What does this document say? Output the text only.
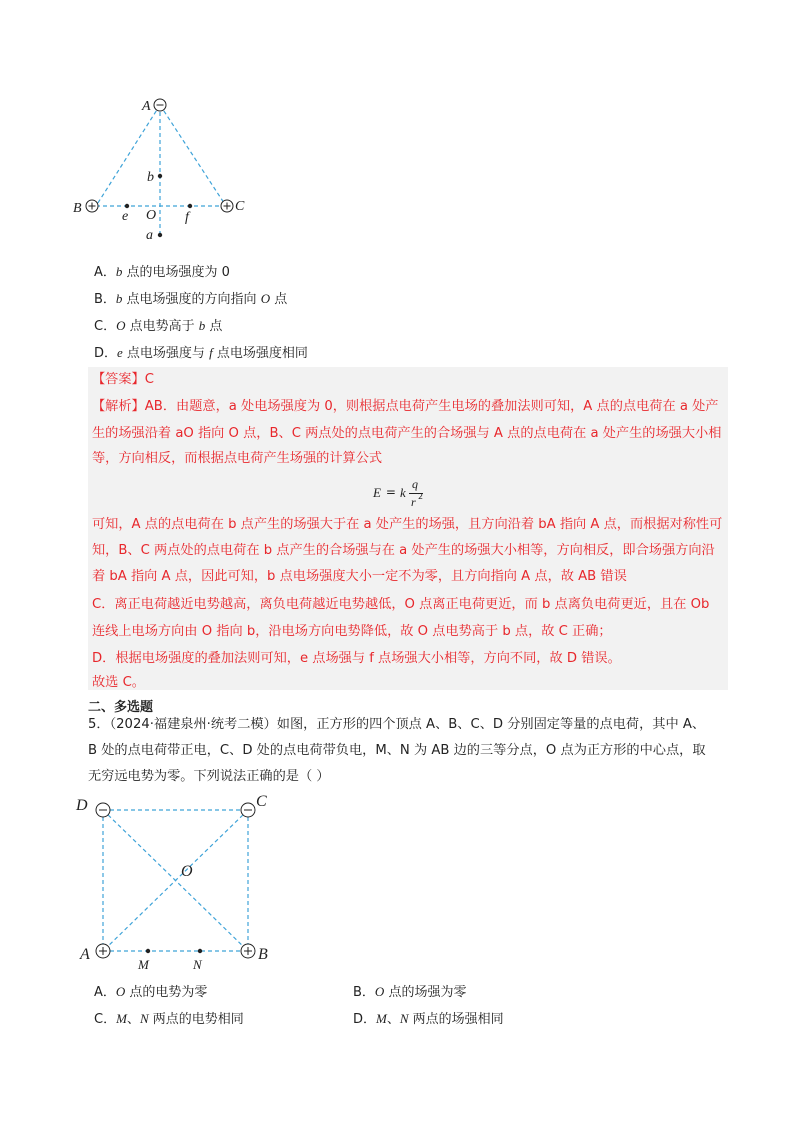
A
B	C
b
e O f
a
A．b 点的电场强度为 0
B．b 点电场强度的方向指向 O 点
C．O 点电势高于 b 点
D．e 点电场强度与 f 点电场强度相同
【答案】C
【解析】AB．由题意，a 处电场强度为 0，则根据点电荷产生电场的叠加法则可知，A 点的点电荷在 a 处产
生的场强沿着 aO 指向 O 点，B、C 两点处的点电荷产生的合场强与 A 点的点电荷在 a 处产生的场强大小相
等，方向相反，而根据点电荷产生场强的计算公式
可知，A 点的点电荷在 b 点产生的场强大于在 a 处产生的场强，且方向沿着 bA 指向 A 点，而根据对称性可
知，B、C 两点处的点电荷在 b 点产生的合场强与在 a 处产生的场强大小相等，方向相反，即合场强方向沿
着 bA 指向 A 点，因此可知，b 点电场强度大小一定不为零，且方向指向 A 点，故 AB 错误
C．离正电荷越近电势越高，离负电荷越近电势越低，O 点离正电荷更近，而 b 点离负电荷更近，且在 Ob
连线上电场方向由 O 指向 b，沿电场方向电势降低，故 O 点电势高于 b 点，故 C 正确；
D．根据电场强度的叠加法则可知，e 点场强与 f 点场强大小相等，方向不同，故 D 错误。
故选 C。
E = k
q
r 2
二、多选题
5．（2024·福建泉州·统考二模）如图，正方形的四个顶点 A、B、C、D 分别固定等量的点电荷，其中 A、
B 处的点电荷带正电，C、D 处的点电荷带负电，M、N 为 AB 边的三等分点，O 点为正方形的中心点，取
无穷远电势为零。下列说法正确的是（ ）
D	C
O
A	B
M	N
A．O 点的电势为零	B．O 点的场强为零
C．M、N 两点的电势相同	D．M、N 两点的场强相同
